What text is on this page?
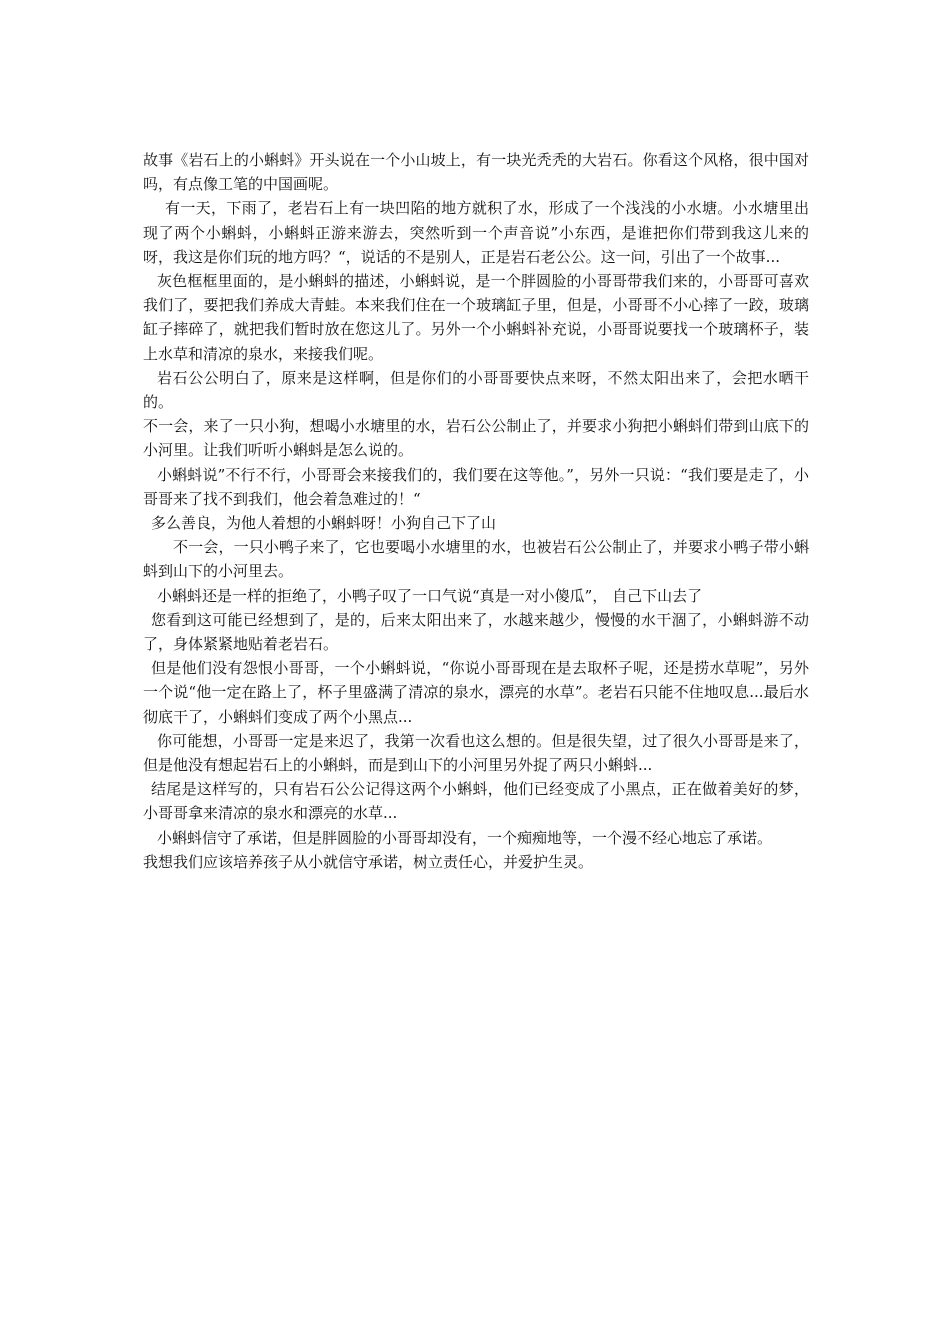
故事《岩石上的小蝌蚪》开头说在一个小山坡上，有一块光秃秃的大岩石。你看这个风格，很中国对吗，有点像工笔的中国画呢。

有一天，下雨了，老岩石上有一块凹陷的地方就积了水，形成了一个浅浅的小水塘。小水塘里出现了两个小蝌蚪，小蝌蚪正游来游去，突然听到一个声音说”小东西，是谁把你们带到我这儿来的呀，我这是你们玩的地方吗？“，说话的不是别人，正是岩石老公公。这一问，引出了一个故事...

灰色框框里面的，是小蝌蚪的描述，小蝌蚪说，是一个胖圆脸的小哥哥带我们来的，小哥哥可喜欢我们了，要把我们养成大青蛙。本来我们住在一个玻璃缸子里，但是，小哥哥不小心摔了一跤，玻璃缸子摔碎了，就把我们暂时放在您这儿了。另外一个小蝌蚪补充说，小哥哥说要找一个玻璃杯子，装上水草和清凉的泉水，来接我们呢。

岩石公公明白了，原来是这样啊，但是你们的小哥哥要快点来呀，不然太阳出来了，会把水晒干的。

不一会，来了一只小狗，想喝小水塘里的水，岩石公公制止了，并要求小狗把小蝌蚪们带到山底下的小河里。让我们听听小蝌蚪是怎么说的。

小蝌蚪说”不行不行，小哥哥会来接我们的，我们要在这等他。”，另外一只说：“我们要是走了，小哥哥来了找不到我们，他会着急难过的！“

多么善良，为他人着想的小蝌蚪呀！小狗自己下了山

不一会，一只小鸭子来了，它也要喝小水塘里的水，也被岩石公公制止了，并要求小鸭子带小蝌蚪到山下的小河里去。

小蝌蚪还是一样的拒绝了，小鸭子叹了一口气说“真是一对小傻瓜”， 自己下山去了

您看到这可能已经想到了，是的，后来太阳出来了，水越来越少，慢慢的水干涸了，小蝌蚪游不动了，身体紧紧地贴着老岩石。

但是他们没有怨恨小哥哥，一个小蝌蚪说，“你说小哥哥现在是去取杯子呢，还是捞水草呢”，另外一个说“他一定在路上了，杯子里盛满了清凉的泉水，漂亮的水草”。老岩石只能不住地叹息...最后水彻底干了，小蝌蚪们变成了两个小黑点...

你可能想，小哥哥一定是来迟了，我第一次看也这么想的。但是很失望，过了很久小哥哥是来了，但是他没有想起岩石上的小蝌蚪，而是到山下的小河里另外捉了两只小蝌蚪...

结尾是这样写的，只有岩石公公记得这两个小蝌蚪，他们已经变成了小黑点，正在做着美好的梦，小哥哥拿来清凉的泉水和漂亮的水草...

小蝌蚪信守了承诺，但是胖圆脸的小哥哥却没有，一个痴痴地等，一个漫不经心地忘了承诺。

我想我们应该培养孩子从小就信守承诺，树立责任心，并爱护生灵。
